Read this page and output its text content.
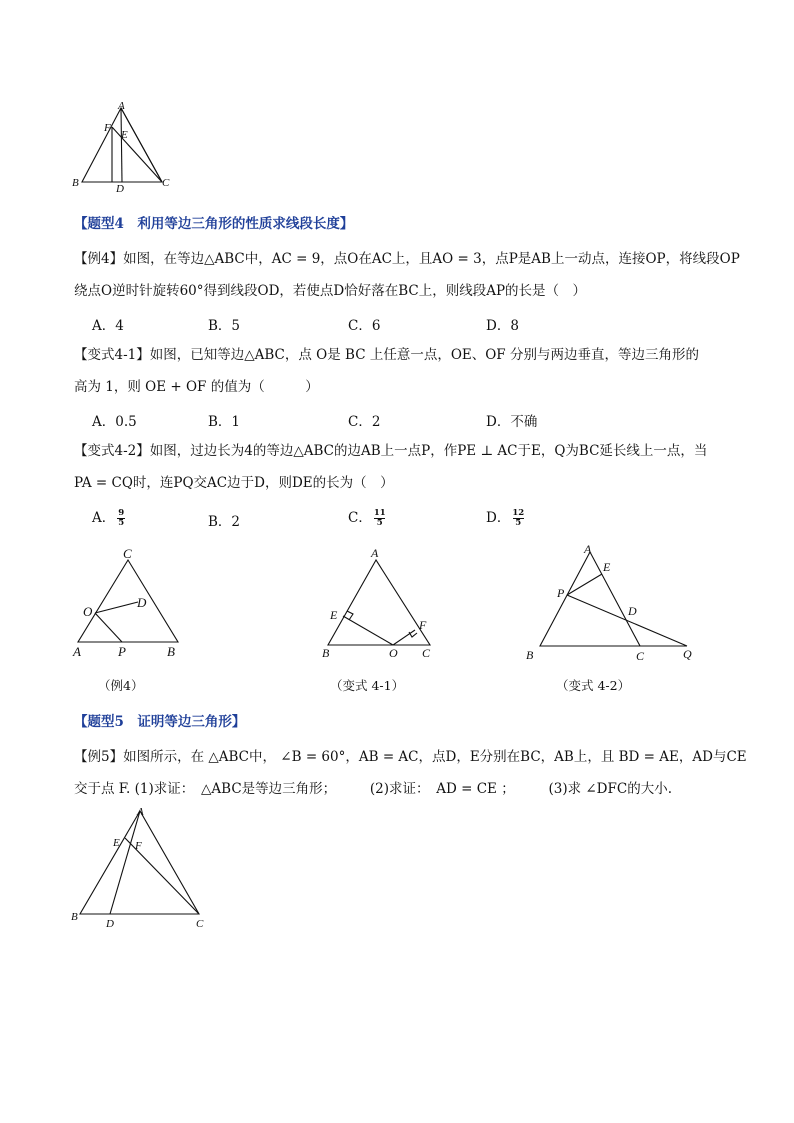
A
F
E
B	D	C
【题型4　利用等边三角形的性质求线段长度】
【例4】如图，在等边△ABC中，AC = 9，点O在AC上，且AO = 3，点P是AB上一动点，连接OP，将线段OP
绕点O逆时针旋转60°得到线段OD，若使点D恰好落在BC上，则线段AP的长是（　）
A．4	B．5	C．6	D．8
【变式4-1】如图，已知等边△ABC，点 O是 BC 上任意一点，OE、OF 分别与两边垂直，等边三角形的
高为 1，则 OE + OF 的值为（　　　）
A．0.5	B．1	C．2	D．不确
【变式4-2】如图，过边长为4的等边△ABC的边AB上一点P，作PE ⊥ AC于E，Q为BC延长线上一点，当
PA = CQ时，连PQ交AC边于D，则DE的长为（　）
A． $\frac{9}{5}$	B．2	C． $\frac{11}{5}$	D． $\frac{12}{5}$
C
O
D
A	P	B
（例4）
A
E
F
B	O C
（变式 4-1）
A
E
P
D
B	C	Q
（变式 4-2）
【题型5　证明等边三角形】
【例5】如图所示，在 △ABC中， ∠B = 60°，AB = AC，点D，E分别在BC，AB上，且 BD = AE，AD与CE
交于点 F. (1)求证：　△ABC是等边三角形；　　　(2)求证：　AD = CE ；　　　(3)求 ∠DFC的大小.
A
E F
B
D	C
